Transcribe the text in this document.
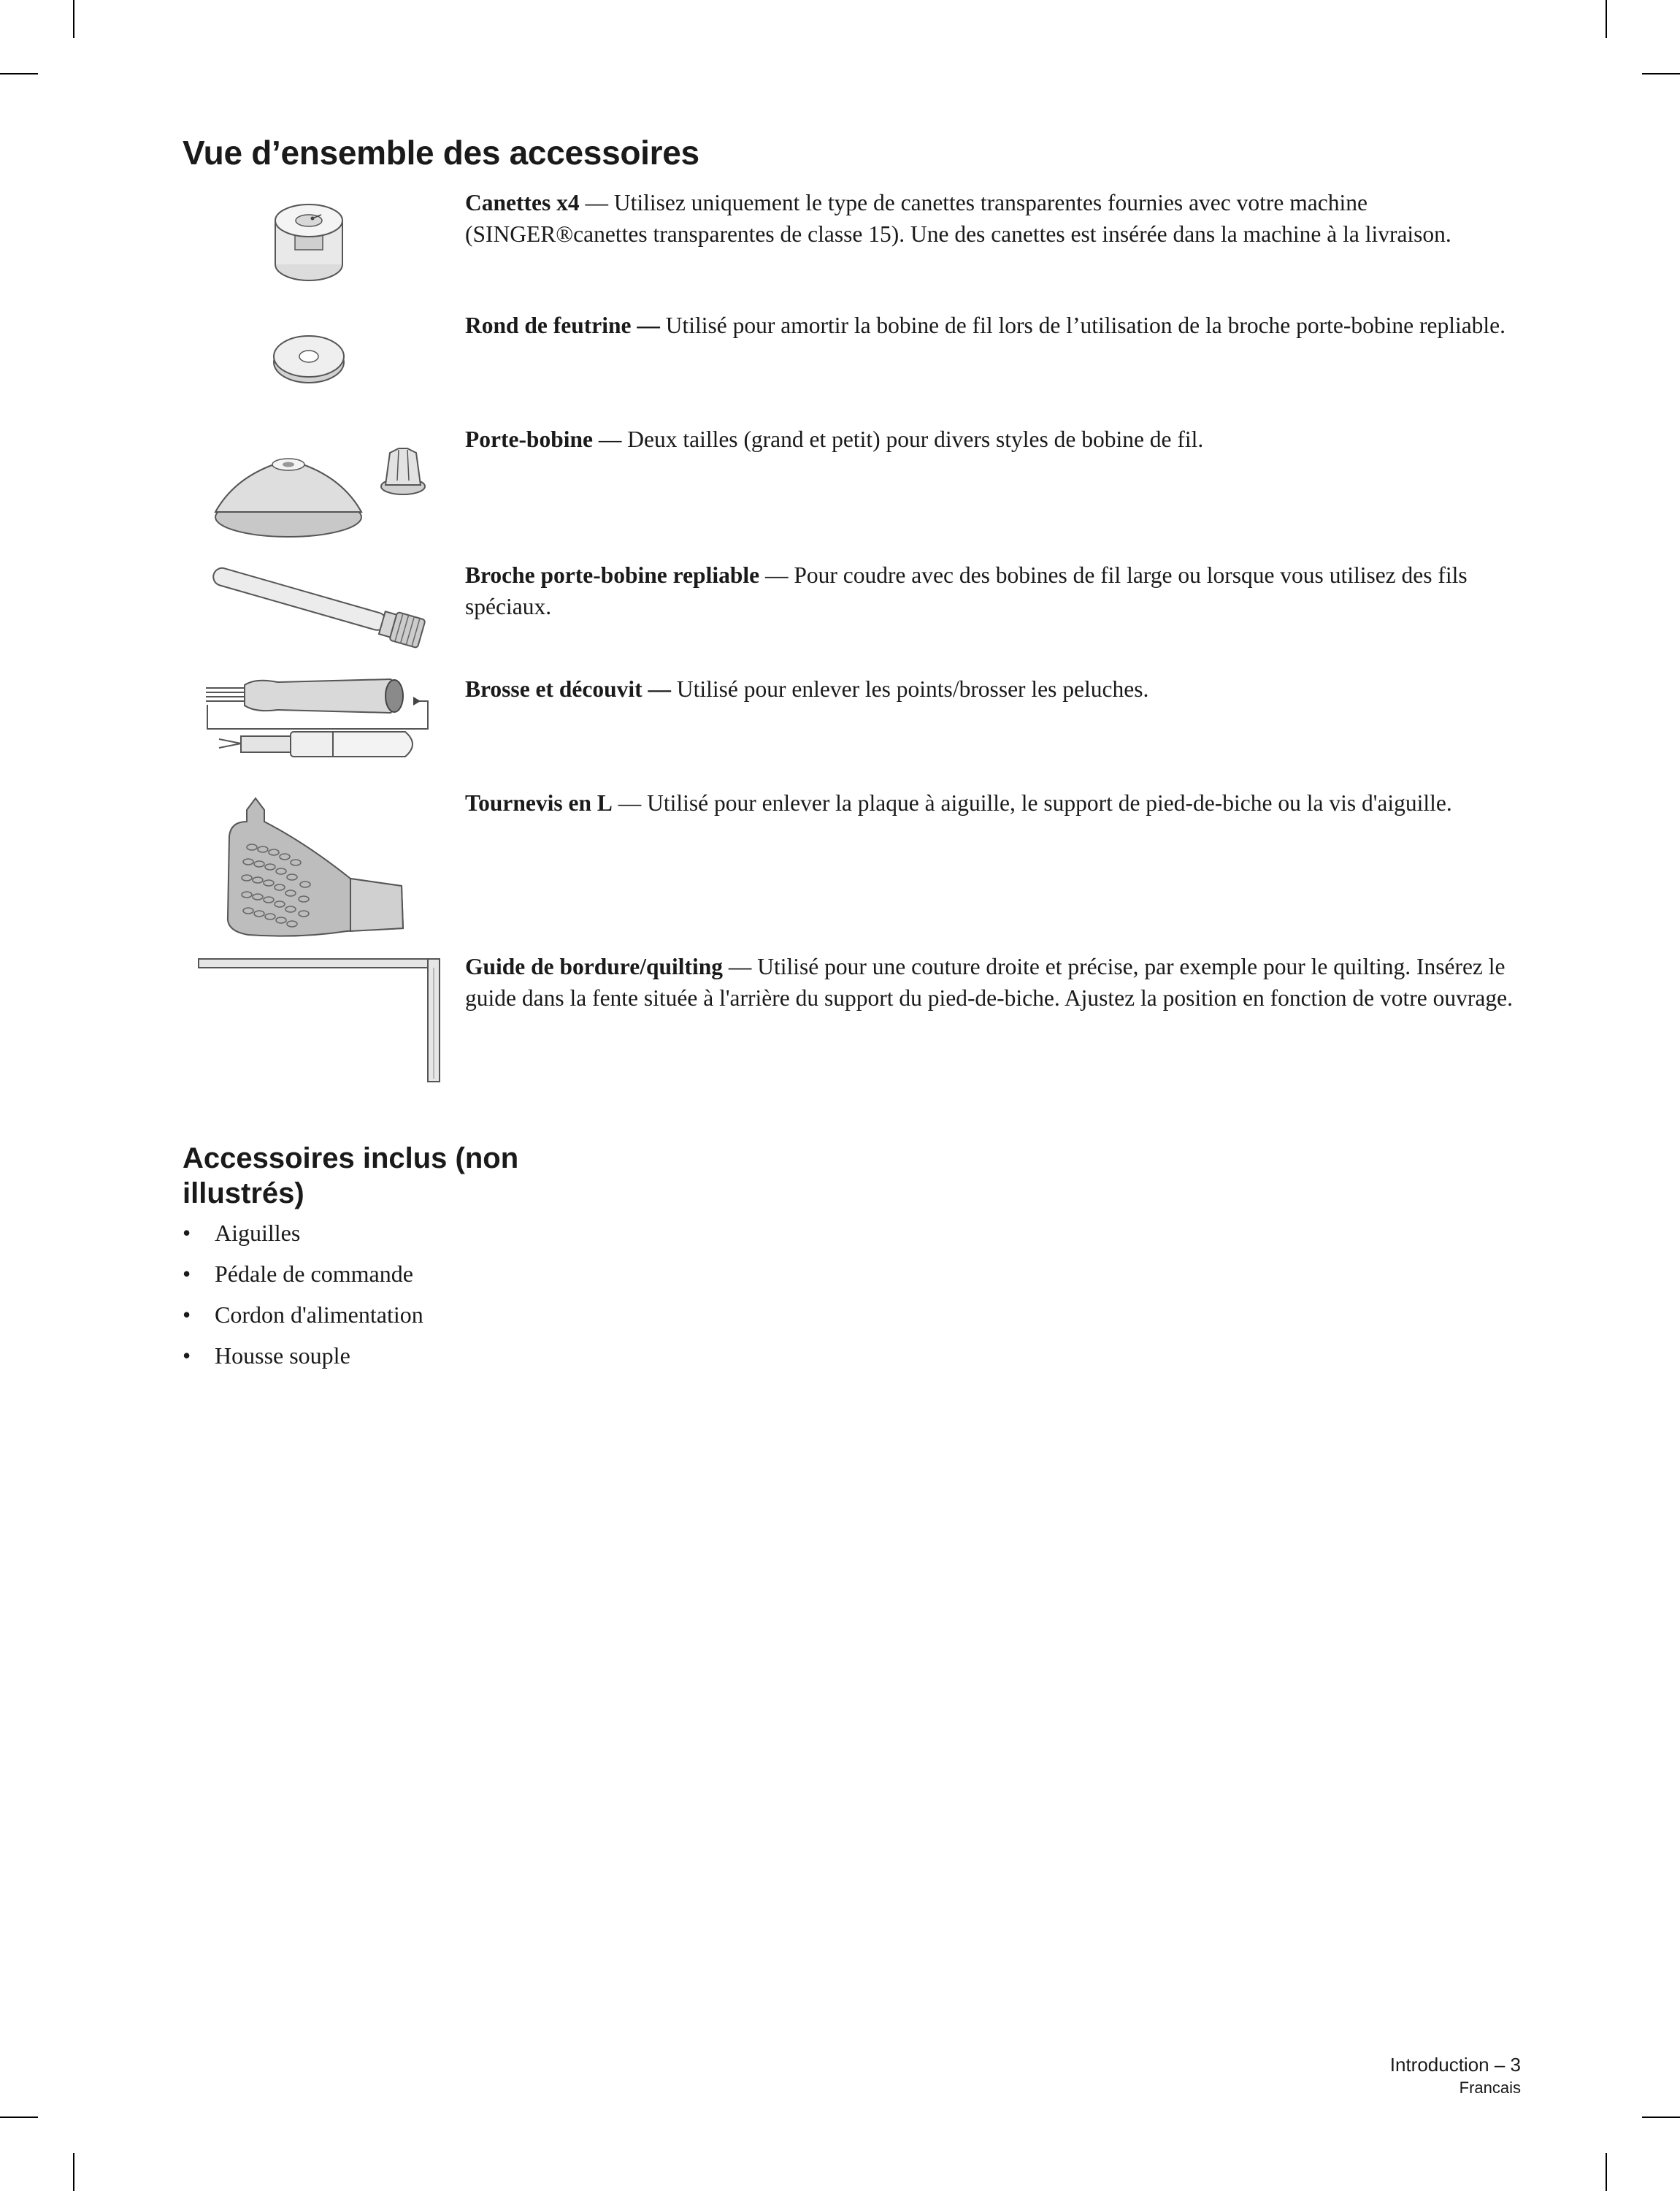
Vue d’ensemble des accessoires

Canettes x4 — Utilisez uniquement le type de canettes transparentes fournies avec votre machine (SINGER®canettes transparentes de classe 15). Une des canettes est insérée dans la machine à la livraison.

Rond de feutrine — Utilisé pour amortir la bobine de fil lors de l’utilisation de la broche porte-bobine repliable.

Porte-bobine — Deux tailles (grand et petit) pour divers styles de bobine de fil.

Broche porte-bobine repliable — Pour coudre avec des bobines de fil large ou lorsque vous utilisez des fils spéciaux.

Brosse et découvit — Utilisé pour enlever les points/brosser les peluches.

Tournevis en L — Utilisé pour enlever la plaque à aiguille, le support de pied-de-biche ou la vis d'aiguille.

Guide de bordure/quilting — Utilisé pour une couture droite et précise, par exemple pour le quilting. Insérez le guide dans la fente située à l'arrière du support du pied-de-biche. Ajustez la position en fonction de votre ouvrage.

Accessoires inclus (non illustrés)
• Aiguilles
• Pédale de commande
• Cordon d'alimentation
• Housse souple
Introduction – 3
Francais
